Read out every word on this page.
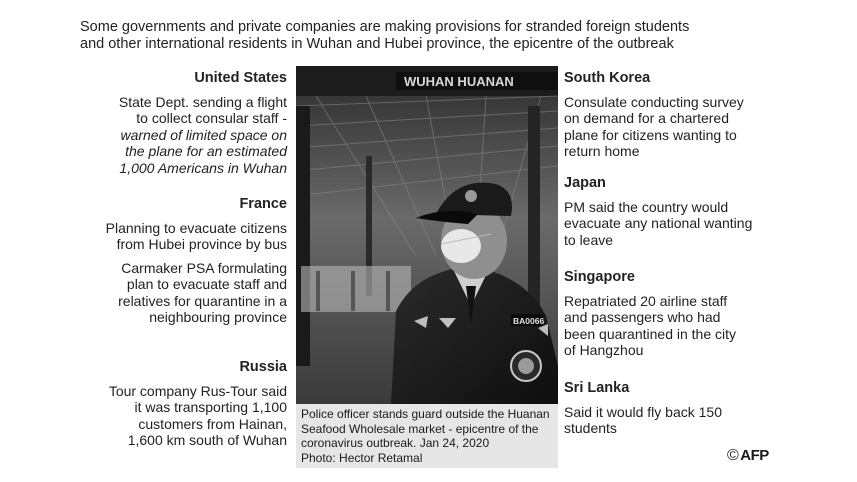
Some governments and private companies are making provisions for stranded foreign students
and other international residents in Wuhan and Hubei province, the epicentre of the outbreak
United States
State Dept. sending a flight to collect consular staff -
warned of limited space on the plane for an estimated 1,000 Americans in Wuhan
France
Planning to evacuate citizens from Hubei province by bus
Carmaker PSA formulating plan to evacuate staff and relatives for quarantine in a neighbouring province
Russia
Tour company Rus-Tour said it was transporting 1,100 customers from Hainan, 1,600 km south of Wuhan
WUHAN HUANAN
BA0066
Police officer stands guard outside the Huanan
Seafood Wholesale market - epicentre of the
coronavirus outbreak. Jan 24, 2020
Photo: Hector Retamal
South Korea
Consulate conducting survey on demand for a chartered plane for citizens wanting to return home
Japan
PM said the country would evacuate any national wanting to leave
Singapore
Repatriated 20 airline staff and passengers who had been quarantined in the city of Hangzhou
Sri Lanka
Said it would fly back 150 students
© AFP
